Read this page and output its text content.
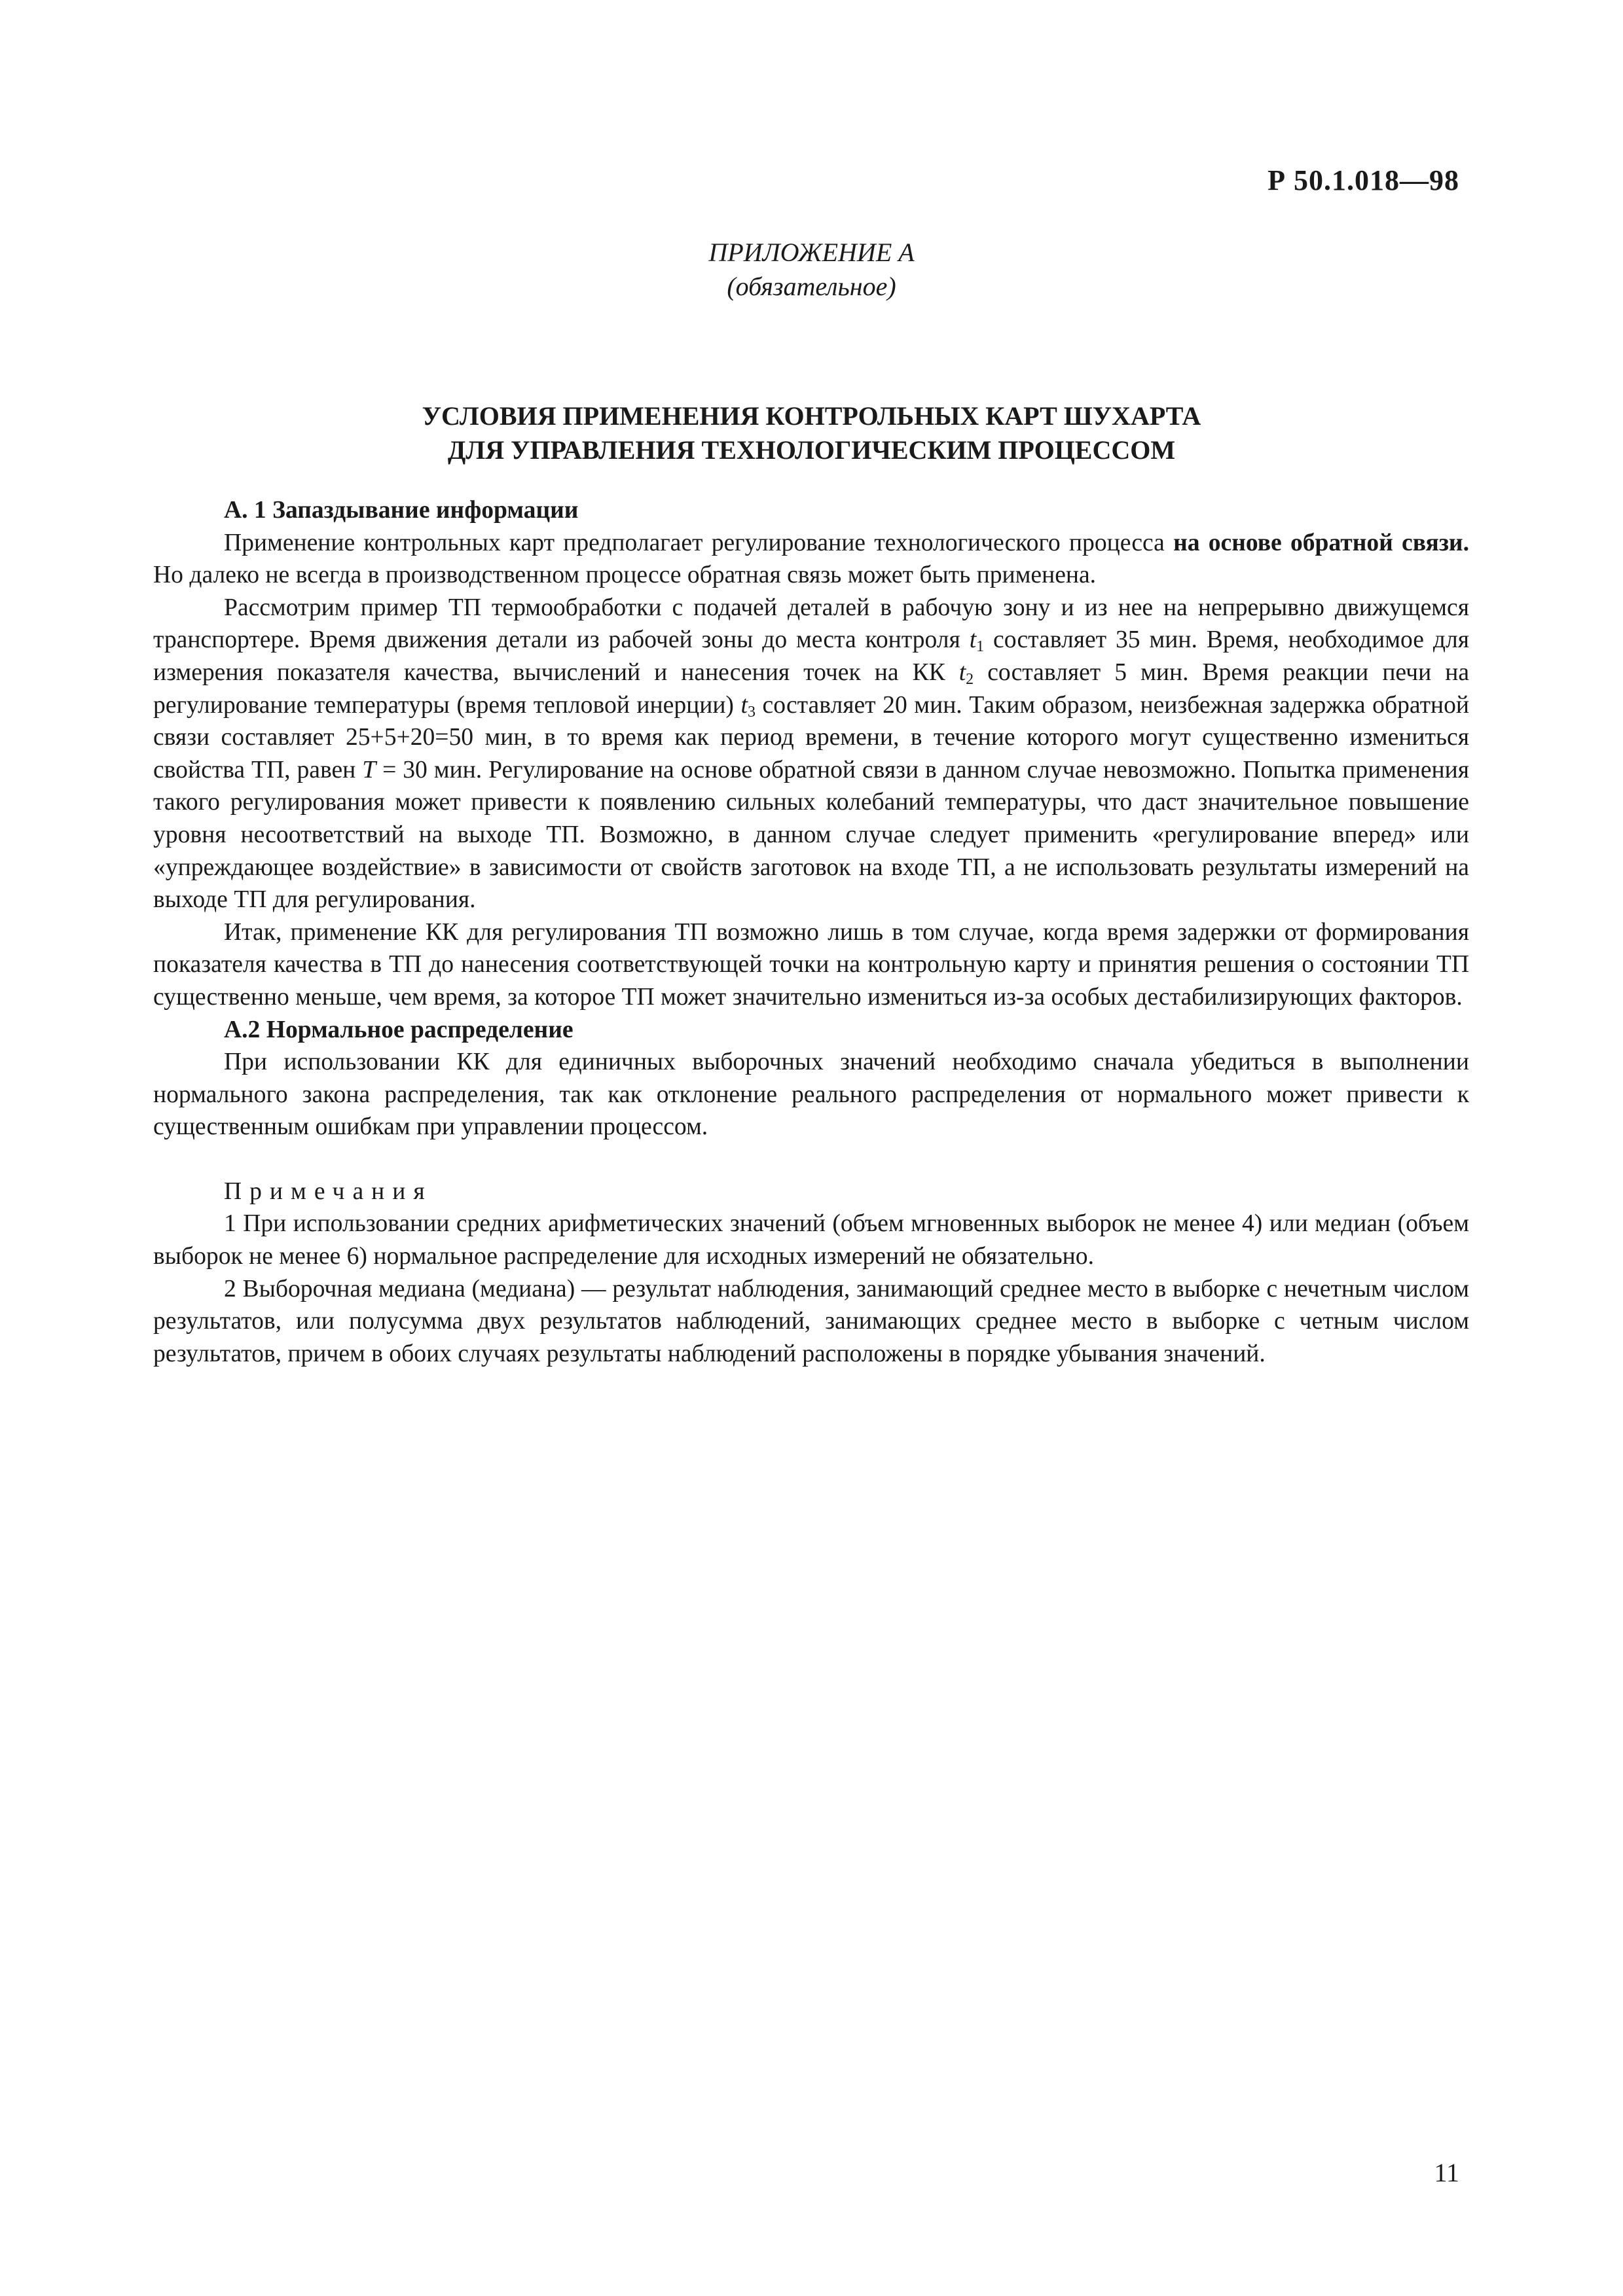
Р 50.1.018—98
ПРИЛОЖЕНИЕ А
(обязательное)
УСЛОВИЯ ПРИМЕНЕНИЯ КОНТРОЛЬНЫХ КАРТ ШУХАРТА
ДЛЯ УПРАВЛЕНИЯ ТЕХНОЛОГИЧЕСКИМ ПРОЦЕССОМ

А. 1 Запаздывание информации

Применение контрольных карт предполагает регулирование технологического процесса на основе обратной связи. Но далеко не всегда в производственном процессе обратная связь может быть применена.

Рассмотрим пример ТП термообработки с подачей деталей в рабочую зону и из нее на непрерывно движущемся транспортере. Время движения детали из рабочей зоны до места контроля $t_1$ составляет 35 мин. Время, необходимое для измерения показателя качества, вычислений и нанесения точек на КК $t_2$ составляет 5 мин. Время реакции печи на регулирование температуры (время тепловой инерции) $t_3$ составляет 20 мин. Таким образом, неизбежная задержка обратной связи составляет 25+5+20=50 мин, в то время как период времени, в течение которого могут существенно измениться свойства ТП, равен T = 30 мин. Регулирование на основе обратной связи в данном случае невозможно. Попытка применения такого регулирования может привести к появлению сильных колебаний температуры, что даст значительное повышение уровня несоответствий на выходе ТП. Возможно, в данном случае следует применить «регулирование вперед» или «упреждающее воздействие» в зависимости от свойств заготовок на входе ТП, а не использовать результаты измерений на выходе ТП для регулирования.

Итак, применение КК для регулирования ТП возможно лишь в том случае, когда время задержки от формирования показателя качества в ТП до нанесения соответствующей точки на контрольную карту и принятия решения о состоянии ТП существенно меньше, чем время, за которое ТП может значительно измениться из-за особых дестабилизирующих факторов.

А.2 Нормальное распределение

При использовании КК для единичных выборочных значений необходимо сначала убедиться в выполнении нормального закона распределения, так как отклонение реального распределения от нормального может привести к существенным ошибкам при управлении процессом.

Примечания

1 При использовании средних арифметических значений (объем мгновенных выборок не менее 4) или медиан (объем выборок не менее 6) нормальное распределение для исходных измерений не обязательно.

2 Выборочная медиана (медиана) — результат наблюдения, занимающий среднее место в выборке с нечетным числом результатов, или полусумма двух результатов наблюдений, занимающих среднее место в выборке с четным числом результатов, причем в обоих случаях результаты наблюдений расположены в порядке убывания значений.

11
